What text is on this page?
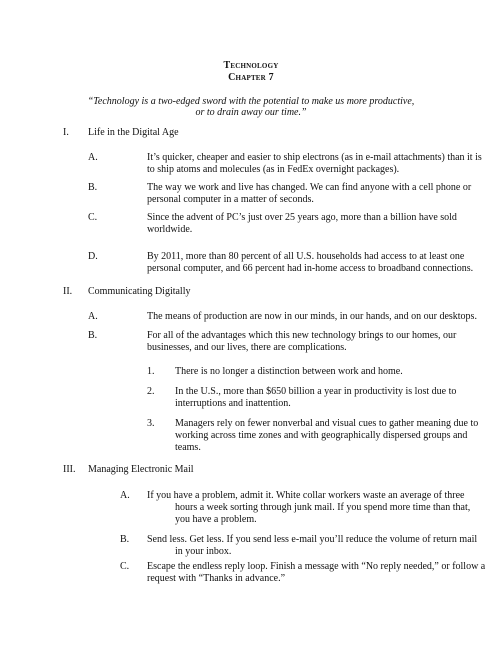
Technology
Chapter 7
“Technology is a two-edged sword with the potential to make us more productive,
or to drain away our time.”
I. Life in the Digital Age
A.	It’s quicker, cheaper and easier to ship electrons (as in e-mail attachments) than it is
to ship atoms and molecules (as in FedEx overnight packages).
B.	The way we work and live has changed. We can find anyone with a cell phone or
personal computer in a matter of seconds.
C.	Since the advent of PC’s just over 25 years ago, more than a billion have sold
worldwide.
D.	By 2011, more than 80 percent of all U.S. households had access to at least one
personal computer, and 66 percent had in-home access to broadband connections.
II. Communicating Digitally
A.	The means of production are now in our minds, in our hands, and on our desktops.
B.	For all of the advantages which this new technology brings to our homes, our
businesses, and our lives, there are complications.
1. There is no longer a distinction between work and home.
2. In the U.S., more than $650 billion a year in productivity is lost due to
interruptions and inattention.
3. Managers rely on fewer nonverbal and visual cues to gather meaning due to
working across time zones and with geographically dispersed groups and
teams.
III. Managing Electronic Mail
A. If you have a problem, admit it. White collar workers waste an average of three
hours a week sorting through junk mail. If you spend more time than that,
you have a problem.
B. Send less. Get less. If you send less e-mail you’ll reduce the volume of return mail
in your inbox.
C. Escape the endless reply loop. Finish a message with “No reply needed,” or follow a
request with “Thanks in advance.”
